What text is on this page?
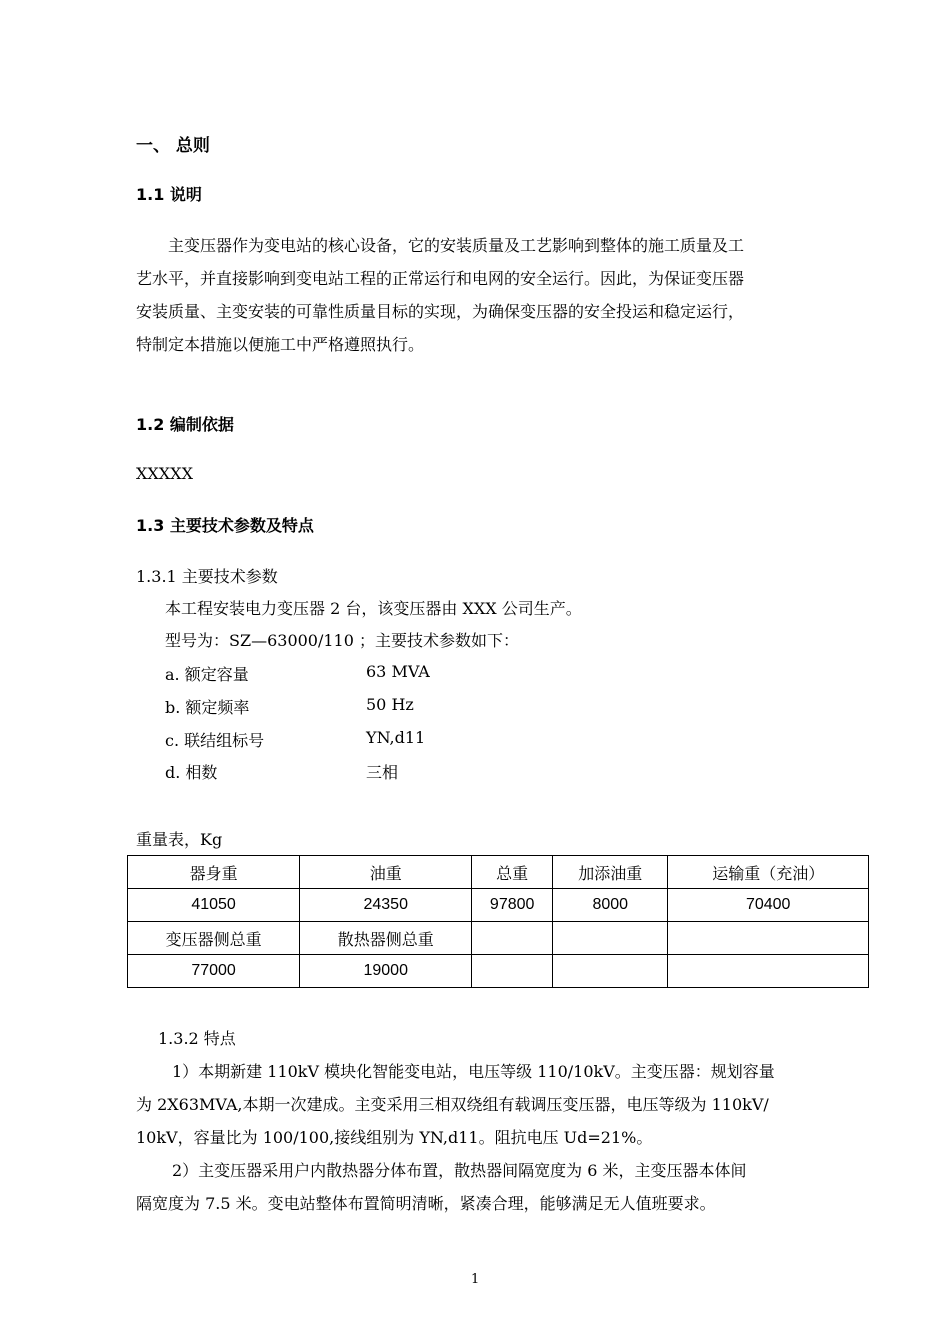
一、 总则
1.1 说明
主变压器作为变电站的核心设备，它的安装质量及工艺影响到整体的施工质量及工
艺水平，并直接影响到变电站工程的正常运行和电网的安全运行。因此，为保证变压器
安装质量、主变安装的可靠性质量目标的实现，为确保变压器的安全投运和稳定运行，
特制定本措施以便施工中严格遵照执行。
1.2 编制依据
XXXXX
1.3 主要技术参数及特点
1.3.1 主要技术参数
本工程安装电力变压器 2 台，该变压器由 XXX 公司生产。
型号为：SZ—63000/110 ；主要技术参数如下：
a. 额定容量	63 MVA
b. 额定频率	50 Hz
c. 联结组标号	YN,d11
d. 相数	三相
重量表，Kg
器身重	油重	总重	加添油重	运输重（充油）
41050	24350	97800	8000	70400
变压器侧总重	散热器侧总重			
77000	19000			
1.3.2 特点
1）本期新建 110kV 模块化智能变电站，电压等级 110/10kV。主变压器：规划容量
为 2X63MVA,本期一次建成。主变采用三相双绕组有载调压变压器，电压等级为 110kV/
10kV，容量比为 100/100,接线组别为 YN,d11。阻抗电压 Ud=21%。
2）主变压器采用户内散热器分体布置，散热器间隔宽度为 6 米，主变压器本体间
隔宽度为 7.5 米。变电站整体布置简明清晰，紧凑合理，能够满足无人值班要求。
1
